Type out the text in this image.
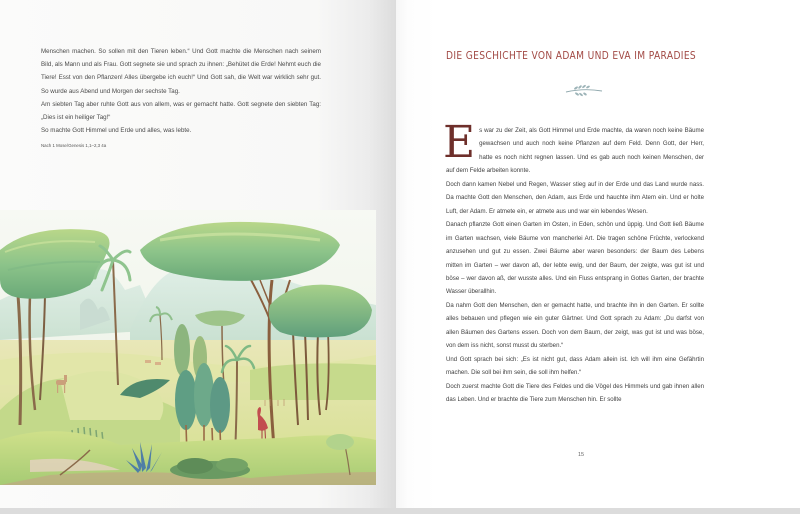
Menschen machen. So sollen mit den Tieren leben.“ Und Gott machte die Menschen nach seinem Bild, als Mann und als Frau. Gott segnete sie und sprach zu ihnen: „Behütet die Erde! Nehmt euch die Tiere! Esst von den Pflanzen! Alles übergebe ich euch!“ Und Gott sah, die Welt war wirklich sehr gut. So wurde aus Abend und Morgen der sechste Tag.

Am siebten Tag aber ruhte Gott aus von allem, was er gemacht hatte. Gott segnete den siebten Tag: „Dies ist ein heiliger Tag!“

So machte Gott Himmel und Erde und alles, was lebte.

Nach 1 Mose/Genesis 1,1–2,3 4a

DIE GESCHICHTE VON ADAM UND EVA IM PARADIES

Es war zu der Zeit, als Gott Himmel und Erde machte, da waren noch keine Bäume gewachsen und auch noch keine Pflanzen auf dem Feld. Denn Gott, der Herr, hatte es noch nicht regnen lassen. Und es gab auch noch keinen Menschen, der auf dem Felde arbeiten konnte.

Doch dann kamen Nebel und Regen, Wasser stieg auf in der Erde und das Land wurde nass. Da machte Gott den Menschen, den Adam, aus Erde und hauchte ihm Atem ein. Und er holte Luft, der Adam. Er atmete ein, er atmete aus und war ein lebendes Wesen.

Danach pflanzte Gott einen Garten im Osten, in Eden, schön und üppig. Und Gott ließ Bäume im Garten wachsen, viele Bäume von mancherlei Art. Die tragen schöne Früchte, verlockend anzusehen und gut zu essen. Zwei Bäume aber waren besonders: der Baum des Lebens mitten im Garten – wer davon aß, der lebte ewig, und der Baum, der zeigte, was gut ist und böse – wer davon aß, der wusste alles. Und ein Fluss entsprang in Gottes Garten, der brachte Wasser überallhin.

Da nahm Gott den Menschen, den er gemacht hatte, und brachte ihn in den Garten. Er sollte alles bebauen und pflegen wie ein guter Gärtner. Und Gott sprach zu Adam: „Du darfst von allen Bäumen des Gartens essen. Doch von dem Baum, der zeigt, was gut ist und was böse, von dem iss nicht, sonst musst du sterben.“

Und Gott sprach bei sich: „Es ist nicht gut, dass Adam allein ist. Ich will ihm eine Gefährtin machen. Die soll bei ihm sein, die soll ihm helfen.“

Doch zuerst machte Gott die Tiere des Feldes und die Vögel des Himmels und gab ihnen allen das Leben. Und er brachte die Tiere zum Menschen hin. Er sollte

15
